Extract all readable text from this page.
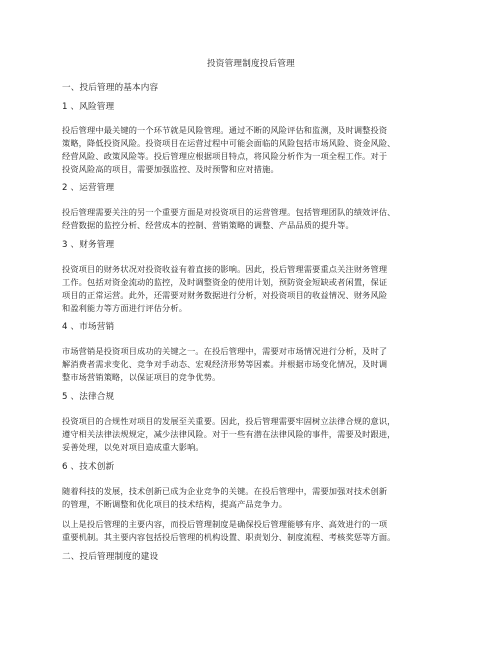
投资管理制度投后管理
一、投后管理的基本内容
1 、风险管理
投后管理中最关键的一个环节就是风险管理。通过不断的风险评估和监测，及时调整投资
策略，降低投资风险。投资项目在运营过程中可能会面临的风险包括市场风险、资金风险、
经营风险、政策风险等。投后管理应根据项目特点，将风险分析作为一项全程工作。对于
投资风险高的项目，需要加强监控、及时预警和应对措施。
2 、运营管理
投后管理需要关注的另一个重要方面是对投资项目的运营管理。包括管理团队的绩效评估、
经营数据的监控分析、经营成本的控制、营销策略的调整、产品品质的提升等。
3 、财务管理
投资项目的财务状况对投资收益有着直接的影响。因此，投后管理需要重点关注财务管理
工作。包括对资金流动的监控，及时调整资金的使用计划，预防资金短缺或者闲置，保证
项目的正常运营。此外，还需要对财务数据进行分析，对投资项目的收益情况、财务风险
和盈利能力等方面进行评估分析。
4 、市场营销
市场营销是投资项目成功的关键之一。在投后管理中，需要对市场情况进行分析，及时了
解消费者需求变化、竞争对手动态、宏观经济形势等因素。并根据市场变化情况，及时调
整市场营销策略，以保证项目的竞争优势。
5 、法律合规
投资项目的合规性对项目的发展至关重要。因此，投后管理需要牢固树立法律合规的意识，
遵守相关法律法规规定，减少法律风险。对于一些有潜在法律风险的事件，需要及时跟进，
妥善处理，以免对项目造成重大影响。
6 、技术创新
随着科技的发展，技术创新已成为企业竞争的关键。在投后管理中，需要加强对技术创新
的管理，不断调整和优化项目的技术结构，提高产品竞争力。
以上是投后管理的主要内容，而投后管理制度是确保投后管理能够有序、高效进行的一项
重要机制。其主要内容包括投后管理的机构设置、职责划分、制度流程、考核奖惩等方面。
二、投后管理制度的建设
